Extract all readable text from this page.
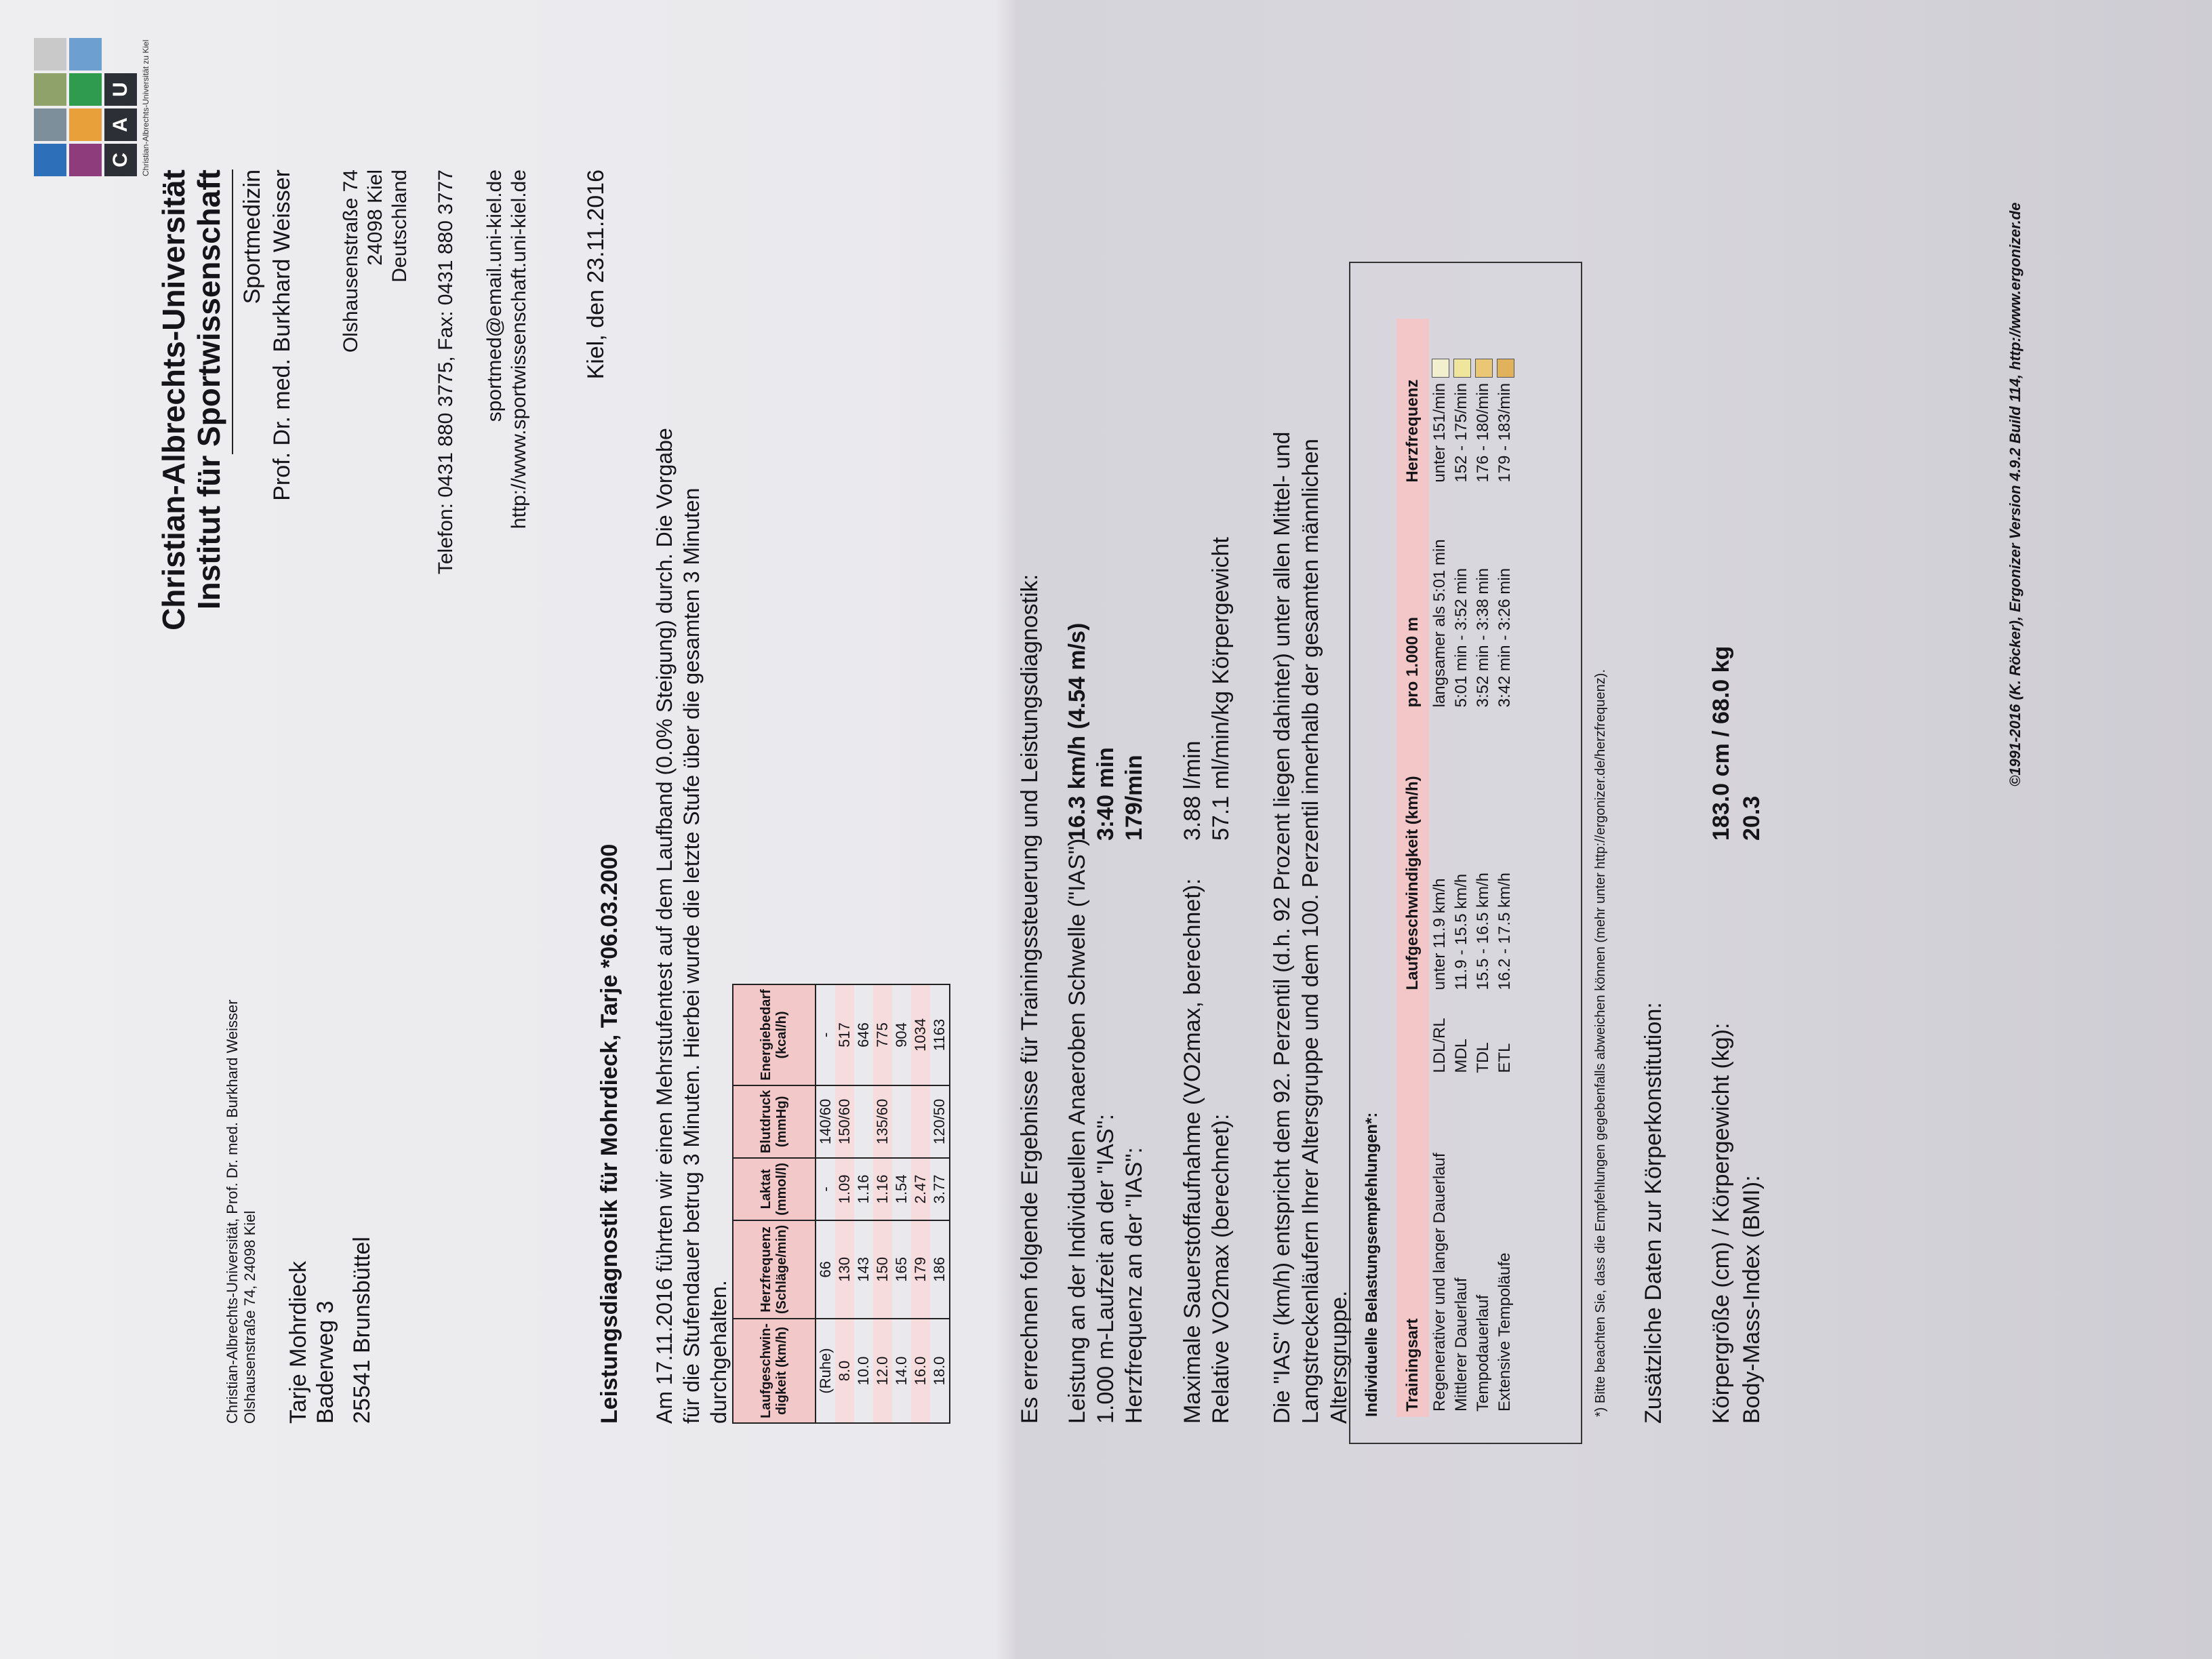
C
A
U	Christian-Albrechts-Universität zu Kiel
Christian-Albrechts-Universität Institut für Sportwissenschaft Sportmedizin Prof. Dr. med. Burkhard Weisser Olshausenstraße 74 24098 Kiel Deutschland Telefon: 0431 880 3775, Fax: 0431 880 3777 sportmed@email.uni-kiel.de http://www.sportwissenschaft.uni-kiel.de Kiel, den 23.11.2016
Christian-Albrechts-Universität, Prof. Dr. med. Burkhard Weisser Olshausenstraße 74, 24098 Kiel Tarje Mohrdieck Baderweg 3 25541 Brunsbüttel	Leistungsdiagnostik für Mohrdieck, Tarje *06.03.2000 Am 17.11.2016 führten wir einen Mehrstufentest auf dem Laufband (0.0% Steigung) durch. Die Vorgabe für die Stufendauer betrug 3 Minuten. Hierbei wurde die letzte Stufe über die gesamten 3 Minuten durchgehalten. Laufgeschwin-digkeit (km/h)	Herzfrequenz (Schläge/min)	Laktat (mmol/l)	Blutdruck (mmHg)	Energiebedarf (kcal/h)
(Ruhe)	66	-	140/60	-
8.0	130	1.09	150/60	517
10.0	143	1.16		646
12.0	150	1.16	135/60	775
14.0	165	1.54		904
16.0	179	2.47		1034
18.0	186	3.77	120/50	1163	Es errechnen folgende Ergebnisse für Trainingssteuerung und Leistungsdiagnostik: Leistung an der Individuellen Anaeroben Schwelle ("IAS")
16.3 km/h (4.54 m/s)
1.000 m-Laufzeit an der "IAS":
3:40 min
Herzfrequenz an der "IAS":
179/min
Maximale Sauerstoffaufnahme (VO2max, berechnet):
3.88 l/min
Relative VO2max (berechnet):
57.1 ml/min/kg Körpergewicht Die "IAS" (km/h) entspricht dem 92. Perzentil (d.h. 92 Prozent liegen dahinter) unter allen Mittel- und Langstreckenläufern Ihrer Altersgruppe und dem 100. Perzentil innerhalb der gesamten männlichen Altersgruppe. Individuelle Belastungsempfehlungen*: Trainingsart		Laufgeschwindigkeit (km/h)	pro 1.000 m	Herzfrequenz
Regenerativer und langer Dauerlauf	LDL/RL	unter 11.9 km/h	langsamer als 5:01 min	unter 151/min
Mittlerer Dauerlauf	MDL	11.9 - 15.5 km/h	5:01 min - 3:52 min	152 - 175/min
Tempodauerlauf	TDL	15.5 - 16.5 km/h	3:52 min - 3:38 min	176 - 180/min
Extensive Tempoläufe	ETL	16.2 - 17.5 km/h	3:42 min - 3:26 min	179 - 183/min
*) Bitte beachten Sie, dass die Empfehlungen gegebenfalls abweichen können (mehr unter http://ergonizer.de/herzfrequenz). Zusätzliche Daten zur Körperkonstitution: Körpergröße (cm) / Körpergewicht (kg):
183.0 cm / 68.0 kg
Body-Mass-Index (BMI):
20.3
©1991-2016 (K. Röcker), Ergonizer Version 4.9.2 Build 114, http://www.ergonizer.de
